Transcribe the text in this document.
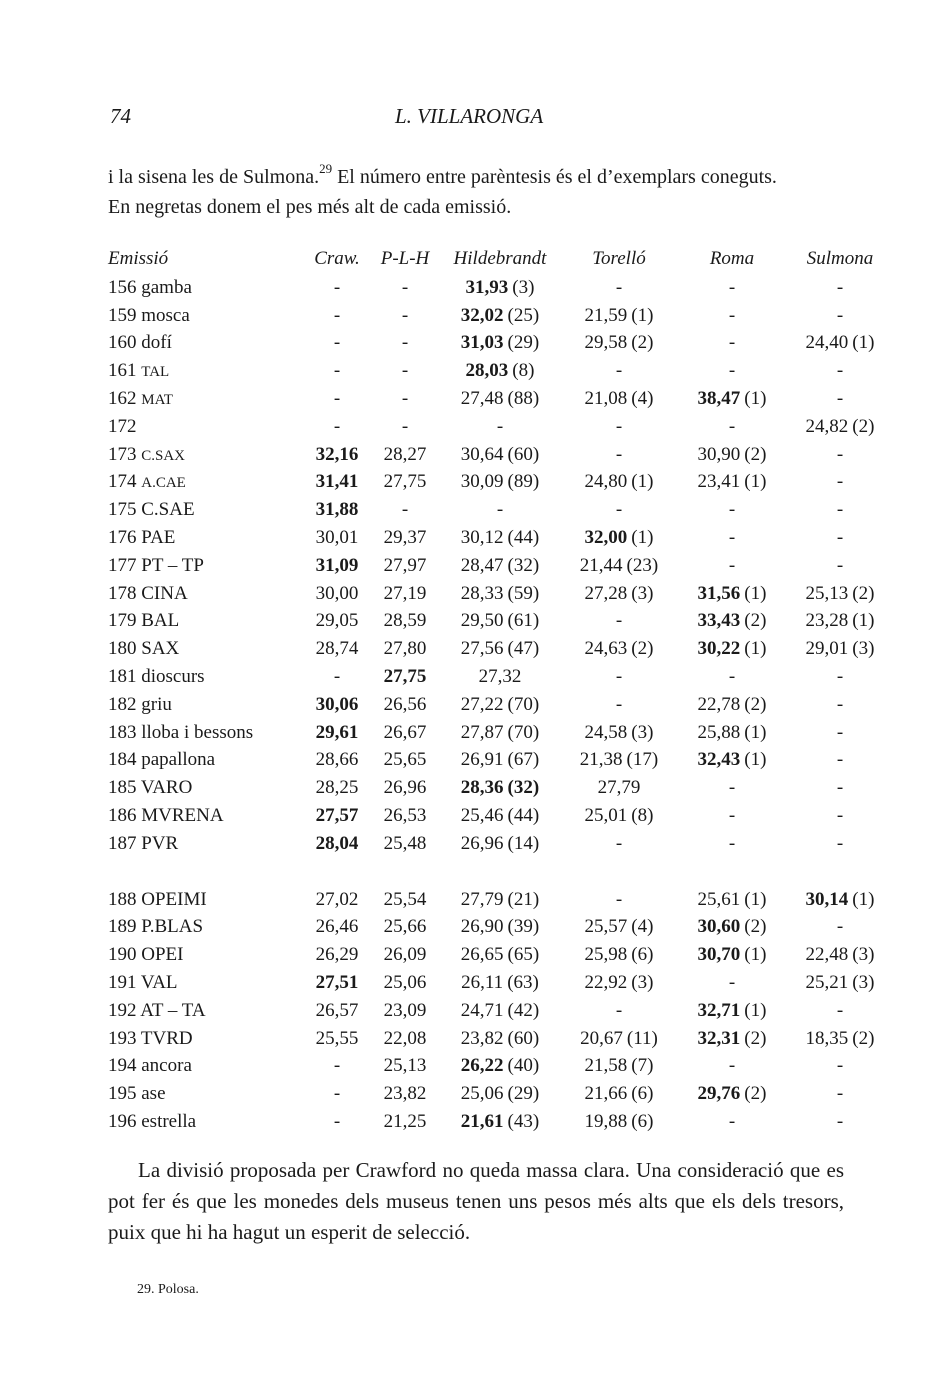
74	L. VILLARONGA

i la sisena les de Sulmona.$^{29}$ El número entre parèntesis és el d’exemplars coneguts.

En negretas donem el pes més alt de cada emissió.

Emissió	Craw.	P-L-H	Hildebrandt	Torelló	Roma	Sulmona
156 gamba	-	-	31,93 (3)	-	-	-
159 mosca	-	-	32,02 (25)	21,59 (1)	-	-
160 dofí	-	-	31,03 (29)	29,58 (2)	-	24,40 (1)
161 TAL	-	-	28,03 (8)	-	-	-
162 MAT	-	-	27,48 (88)	21,08 (4)	38,47 (1)	-
172	-	-	-	-	-	24,82 (2)
173 C.SAX	32,16	28,27	30,64 (60)	-	30,90 (2)	-
174 A.CAE	31,41	27,75	30,09 (89)	24,80 (1)	23,41 (1)	-
175 C.SAE	31,88	-	-	-	-	-
176 PAE	30,01	29,37	30,12 (44)	32,00 (1)	-	-
177 PT – TP	31,09	27,97	28,47 (32)	21,44 (23)	-	-
178 CINA	30,00	27,19	28,33 (59)	27,28 (3)	31,56 (1)	25,13 (2)
179 BAL	29,05	28,59	29,50 (61)	-	33,43 (2)	23,28 (1)
180 SAX	28,74	27,80	27,56 (47)	24,63 (2)	30,22 (1)	29,01 (3)
181 dioscurs	-	27,75	27,32	-	-	-
182 griu	30,06	26,56	27,22 (70)	-	22,78 (2)	-
183 lloba i bessons	29,61	26,67	27,87 (70)	24,58 (3)	25,88 (1)	-
184 papallona	28,66	25,65	26,91 (67)	21,38 (17)	32,43 (1)	-
185 VARO	28,25	26,96	28,36 (32)	27,79	-	-
186 MVRENA	27,57	26,53	25,46 (44)	25,01 (8)	-	-
187 PVR	28,04	25,48	26,96 (14)	-	-	-

188 OPEIMI	27,02	25,54	27,79 (21)	-	25,61 (1)	30,14 (1)
189 P.BLAS	26,46	25,66	26,90 (39)	25,57 (4)	30,60 (2)	-
190 OPEI	26,29	26,09	26,65 (65)	25,98 (6)	30,70 (1)	22,48 (3)
191 VAL	27,51	25,06	26,11 (63)	22,92 (3)	-	25,21 (3)
192 AT – TA	26,57	23,09	24,71 (42)	-	32,71 (1)	-
193 TVRD	25,55	22,08	23,82 (60)	20,67 (11)	32,31 (2)	18,35 (2)
194 ancora	-	25,13	26,22 (40)	21,58 (7)	-	-
195 ase	-	23,82	25,06 (29)	21,66 (6)	29,76 (2)	-
196 estrella	-	21,25	21,61 (43)	19,88 (6)	-	-

La divisió proposada per Crawford no queda massa clara. Una consideració que es pot fer és que les monedes dels museus tenen uns pesos més alts que els dels tresors, puix que hi ha hagut un esperit de selecció.

29. Polosa.
